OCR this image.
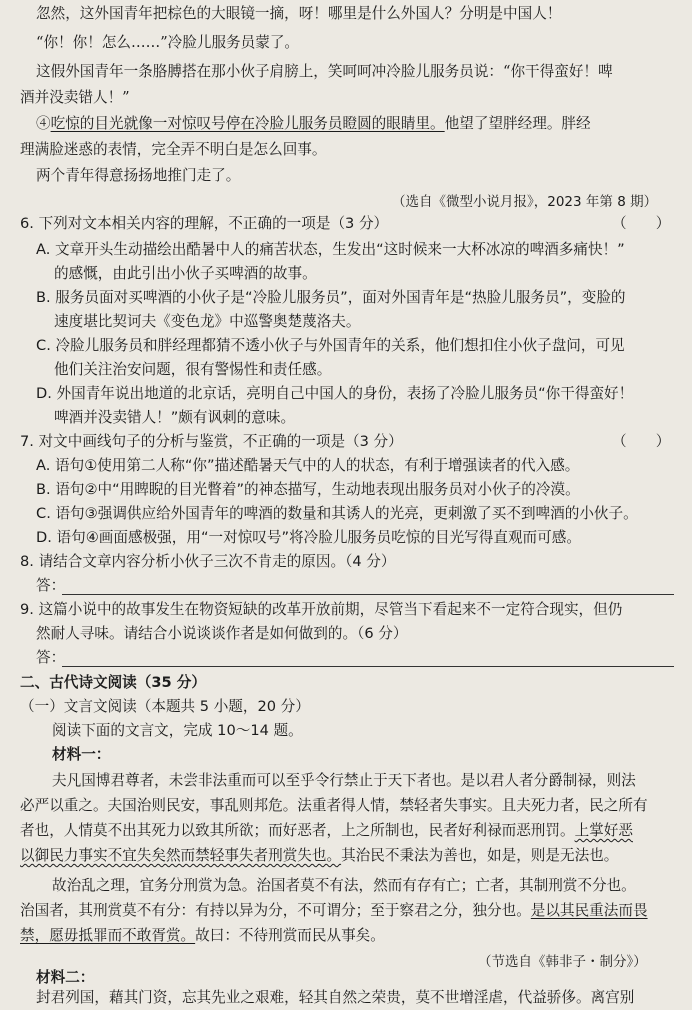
忽然，这外国青年把棕色的大眼镜一摘，呀！哪里是什么外国人？分明是中国人！
“你！你！怎么……”冷脸儿服务员蒙了。
这假外国青年一条胳膊搭在那小伙子肩膀上，笑呵呵冲冷脸儿服务员说：“你干得蛮好！啤
酒并没卖错人！”
④吃惊的目光就像一对惊叹号停在冷脸儿服务员瞪圆的眼睛里。他望了望胖经理。胖经
理满脸迷惑的表情，完全弄不明白是怎么回事。
两个青年得意扬扬地推门走了。
（选自《微型小说月报》，2023 年第 8 期）
6. 下列对文本相关内容的理解，不正确的一项是（3 分）	（　　）
A. 文章开头生动描绘出酷暑中人的痛苦状态，生发出“这时候来一大杯冰凉的啤酒多痛快！”
的感慨，由此引出小伙子买啤酒的故事。
B. 服务员面对买啤酒的小伙子是“冷脸儿服务员”，面对外国青年是“热脸儿服务员”，变脸的
速度堪比契诃夫《变色龙》中巡警奥楚蔑洛夫。
C. 冷脸儿服务员和胖经理都猜不透小伙子与外国青年的关系，他们想扣住小伙子盘问，可见
他们关注治安问题，很有警惕性和责任感。
D. 外国青年说出地道的北京话，亮明自己中国人的身份，表扬了冷脸儿服务员“你干得蛮好！
啤酒并没卖错人！”颇有讽刺的意味。
7. 对文中画线句子的分析与鉴赏，不正确的一项是（3 分）	（　　）
A. 语句①使用第二人称“你”描述酷暑天气中的人的状态，有利于增强读者的代入感。
B. 语句②中“用睥睨的目光瞥着”的神态描写，生动地表现出服务员对小伙子的冷漠。
C. 语句③强调供应给外国青年的啤酒的数量和其诱人的光亮，更刺激了买不到啤酒的小伙子。
D. 语句④画面感极强，用“一对惊叹号”将冷脸儿服务员吃惊的目光写得直观而可感。
8. 请结合文章内容分析小伙子三次不肯走的原因。（4 分）
答：
9. 这篇小说中的故事发生在物资短缺的改革开放前期，尽管当下看起来不一定符合现实，但仍
然耐人寻味。请结合小说谈谈作者是如何做到的。（6 分）
答：
二、古代诗文阅读（35 分）
（一）文言文阅读（本题共 5 小题，20 分）
阅读下面的文言文，完成 10～14 题。
材料一：
夫凡国博君尊者，未尝非法重而可以至乎令行禁止于天下者也。是以君人者分爵制禄，则法
必严以重之。夫国治则民安，事乱则邦危。法重者得人情，禁轻者失事实。且夫死力者，民之所有
者也，人情莫不出其死力以致其所欲；而好恶者，上之所制也，民者好利禄而恶刑罚。上掌好恶
以御民力事实不宜失矣然而禁轻事失者刑赏失也。其治民不秉法为善也，如是，则是无法也。
故治乱之理，宜务分刑赏为急。治国者莫不有法，然而有存有亡；亡者，其制刑赏不分也。
治国者，其刑赏莫不有分：有持以异为分，不可谓分；至于察君之分，独分也。是以其民重法而畏
禁，愿毋抵罪而不敢胥赏。故曰：不待刑赏而民从事矣。
（节选自《韩非子・制分》）
材料二：
封君列国，藉其门资，忘其先业之艰难，轻其自然之荣贵，莫不世增淫虐，代益骄侈。离宫别
